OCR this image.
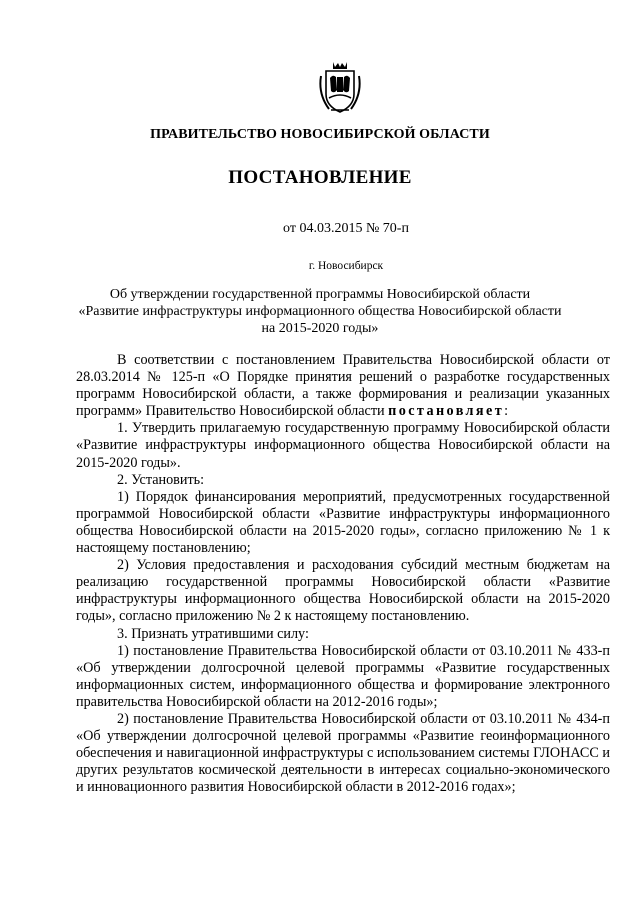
ПРАВИТЕЛЬСТВО НОВОСИБИРСКОЙ ОБЛАСТИ
ПОСТАНОВЛЕНИЕ
от 04.03.2015 № 70-п
г. Новосибирск
Об утверждении государственной программы Новосибирской области
«Развитие инфраструктуры информационного общества Новосибирской области
на 2015-2020 годы»

В соответствии с постановлением Правительства Новосибирской области от 28.03.2014 № 125-п «О Порядке принятия решений о разработке государственных программ Новосибирской области, а также формирования и реализации указанных программ» Правительство Новосибирской области постановляет:

1. Утвердить прилагаемую государственную программу Новосибирской области «Развитие инфраструктуры информационного общества Новосибирской области на 2015-2020 годы».

2. Установить:

1) Порядок финансирования мероприятий, предусмотренных государственной программой Новосибирской области «Развитие инфраструктуры информационного общества Новосибирской области на 2015-2020 годы», согласно приложению № 1 к настоящему постановлению;

2) Условия предоставления и расходования субсидий местным бюджетам на реализацию государственной программы Новосибирской области «Развитие инфраструктуры информационного общества Новосибирской области на 2015-2020 годы», согласно приложению № 2 к настоящему постановлению.

3. Признать утратившими силу:

1) постановление Правительства Новосибирской области от 03.10.2011 № 433-п «Об утверждении долгосрочной целевой программы «Развитие государственных информационных систем, информационного общества и формирование электронного правительства Новосибирской области на 2012-2016 годы»;

2) постановление Правительства Новосибирской области от 03.10.2011 № 434-п «Об утверждении долгосрочной целевой программы «Развитие геоинформационного обеспечения и навигационной инфраструктуры с использованием системы ГЛОНАСС и других результатов космической деятельности в интересах социально-экономического и инновационного развития Новосибирской области в 2012-2016 годах»;
